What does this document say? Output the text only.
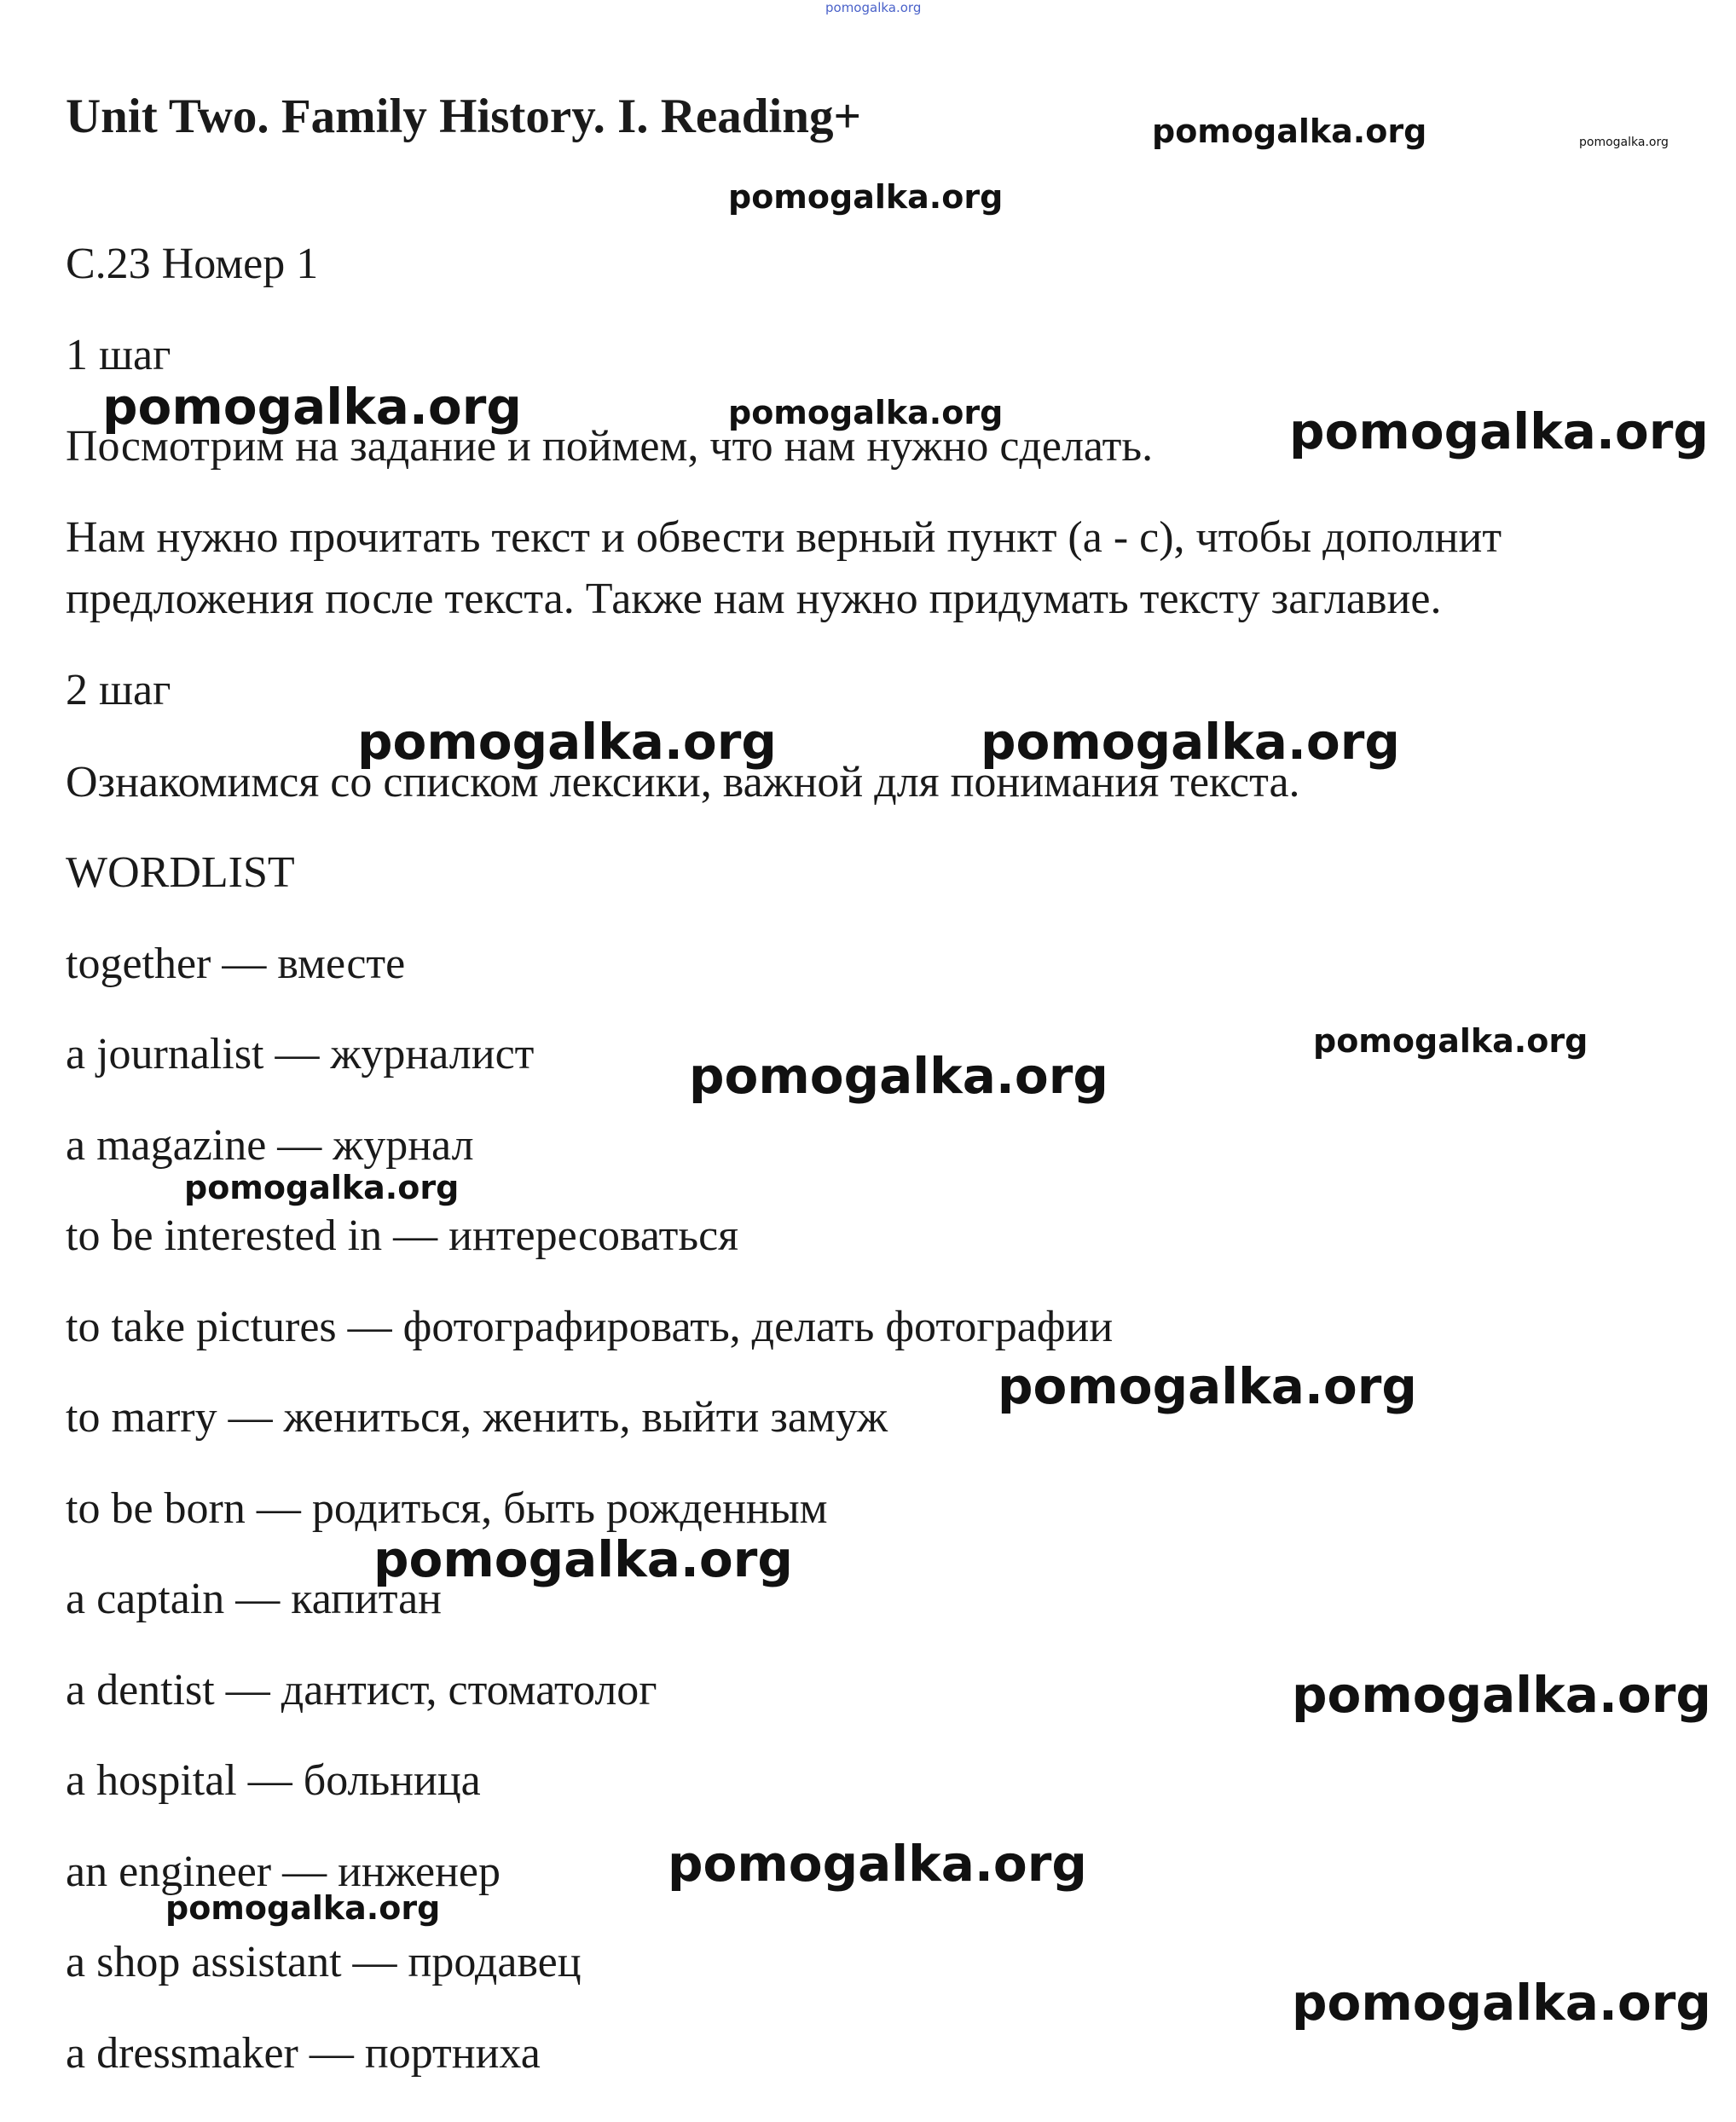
Unit Two. Family History. I. Reading+

С.23 Номер 1

1 шаг

Посмотрим на задание и поймем, что нам нужно сделать.

Нам нужно прочитать текст и обвести верный пункт (a - c), чтобы дополнит

предложения после текста. Также нам нужно придумать тексту заглавие.

2 шаг

Ознакомимся со списком лексики, важной для понимания текста.

WORDLIST

together — вместе

a journalist — журналист

a magazine — журнал

to be interested in — интересоваться

to take pictures — фотографировать, делать фотографии

to marry — жениться, женить, выйти замуж

to be born — родиться, быть рожденным

a captain — капитан

a dentist — дантист, стоматолог

a hospital — больница

an engineer — инженер

a shop assistant — продавец

a dressmaker — портниха

pomogalka.org

pomogalka.org	pomogalka.org

pomogalka.org

pomogalka.org	pomogalka.org	pomogalka.org

pomogalka.org	pomogalka.org

pomogalka.org

pomogalka.org

pomogalka.org

pomogalka.org

pomogalka.org

pomogalka.org

pomogalka.org

pomogalka.org

pomogalka.org
